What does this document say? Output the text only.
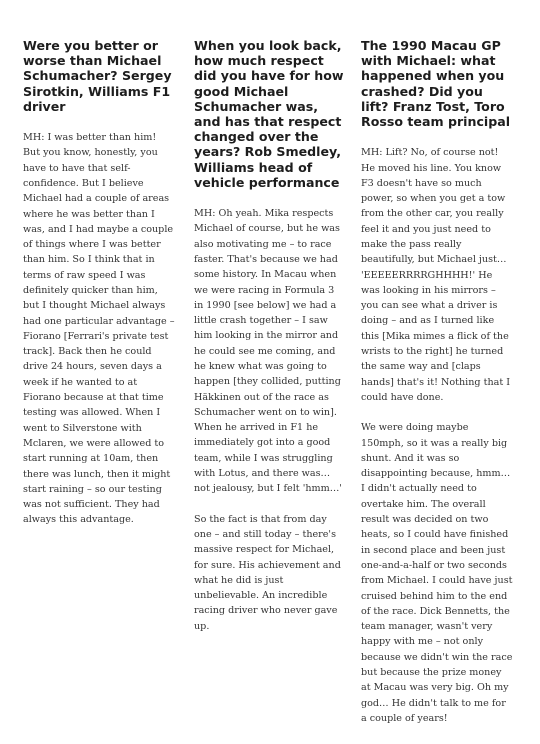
Were you better or worse than Michael Schumacher? Sergey Sirotkin, Williams F1 driver

MH: I was better than him! But you know, honestly, you have to have that self-confidence. But I believe Michael had a couple of areas where he was better than I was, and I had maybe a couple of things where I was better than him. So I think that in terms of raw speed I was definitely quicker than him, but I thought Michael always had one particular advantage – Fiorano [Ferrari's private test track]. Back then he could drive 24 hours, seven days a week if he wanted to at Fiorano because at that time testing was allowed. When I went to Silverstone with Mclaren, we were allowed to start running at 10am, then there was lunch, then it might start raining – so our testing was not sufficient. They had always this advantage.

When you look back, how much respect did you have for how good Michael Schumacher was, and has that respect changed over the years? Rob Smedley, Williams head of vehicle performance

MH: Oh yeah. Mika respects Michael of course, but he was also motivating me – to race faster. That's because we had some history. In Macau when we were racing in Formula 3 in 1990 [see below] we had a little crash together – I saw him looking in the mirror and he could see me coming, and he knew what was going to happen [they collided, putting Häkkinen out of the race as Schumacher went on to win]. When he arrived in F1 he immediately got into a good team, while I was struggling with Lotus, and there was… not jealousy, but I felt 'hmm…'

So the fact is that from day one – and still today – there's massive respect for Michael, for sure. His achievement and what he did is just unbelievable. An incredible racing driver who never gave up.

The 1990 Macau GP with Michael: what happened when you crashed? Did you lift? Franz Tost, Toro Rosso team principal

MH: Lift? No, of course not! He moved his line. You know F3 doesn't have so much power, so when you get a tow from the other car, you really feel it and you just need to make the pass really beautifully, but Michael just… 'EEEEERRRRGHHHH!' He was looking in his mirrors – you can see what a driver is doing – and as I turned like this [Mika mimes a flick of the wrists to the right] he turned the same way and [claps hands] that's it! Nothing that I could have done.

We were doing maybe 150mph, so it was a really big shunt. And it was so disappointing because, hmm… I didn't actually need to overtake him. The overall result was decided on two heats, so I could have finished in second place and been just one-and-a-half or two seconds from Michael. I could have just cruised behind him to the end of the race. Dick Bennetts, the team manager, wasn't very happy with me – not only because we didn't win the race but because the prize money at Macau was very big. Oh my god… He didn't talk to me for a couple of years!
